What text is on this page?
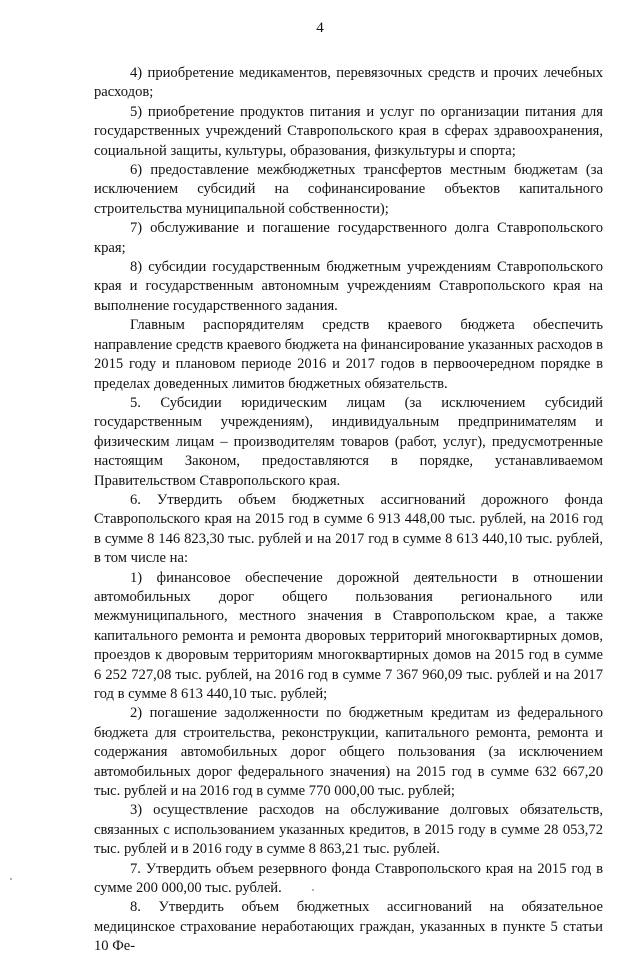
4

4) приобретение медикаментов, перевязочных средств и прочих лечебных расходов;

5) приобретение продуктов питания и услуг по организации питания для государственных учреждений Ставропольского края в сферах здравоохранения, социальной защиты, культуры, образования, физкультуры и спорта;

6) предоставление межбюджетных трансфертов местным бюджетам (за исключением субсидий на софинансирование объектов капитального строительства муниципальной собственности);

7) обслуживание и погашение государственного долга Ставропольского края;

8) субсидии государственным бюджетным учреждениям Ставропольского края и государственным автономным учреждениям Ставропольского края на выполнение государственного задания.

Главным распорядителям средств краевого бюджета обеспечить направление средств краевого бюджета на финансирование указанных расходов в 2015 году и плановом периоде 2016 и 2017 годов в первоочередном порядке в пределах доведенных лимитов бюджетных обязательств.

5. Субсидии юридическим лицам (за исключением субсидий государственным учреждениям), индивидуальным предпринимателям и физическим лицам – производителям товаров (работ, услуг), предусмотренные настоящим Законом, предоставляются в порядке, устанавливаемом Правительством Ставропольского края.

6. Утвердить объем бюджетных ассигнований дорожного фонда Ставропольского края на 2015 год в сумме 6 913 448,00 тыс. рублей, на 2016 год в сумме 8 146 823,30 тыс. рублей и на 2017 год в сумме 8 613 440,10 тыс. рублей, в том числе на:

1) финансовое обеспечение дорожной деятельности в отношении автомобильных дорог общего пользования регионального или межмуниципального, местного значения в Ставропольском крае, а также капитального ремонта и ремонта дворовых территорий многоквартирных домов, проездов к дворовым территориям многоквартирных домов на 2015 год в сумме 6 252 727,08 тыс. рублей, на 2016 год в сумме 7 367 960,09 тыс. рублей и на 2017 год в сумме 8 613 440,10 тыс. рублей;

2) погашение задолженности по бюджетным кредитам из федерального бюджета для строительства, реконструкции, капитального ремонта, ремонта и содержания автомобильных дорог общего пользования (за исключением автомобильных дорог федерального значения) на 2015 год в сумме 632 667,20 тыс. рублей и на 2016 год в сумме 770 000,00 тыс. рублей;

3) осуществление расходов на обслуживание долговых обязательств, связанных с использованием указанных кредитов, в 2015 году в сумме 28 053,72 тыс. рублей и в 2016 году в сумме 8 863,21 тыс. рублей.

7. Утвердить объем резервного фонда Ставропольского края на 2015 год в сумме 200 000,00 тыс. рублей.

8. Утвердить объем бюджетных ассигнований на обязательное медицинское страхование неработающих граждан, указанных в пункте 5 статьи 10 Фе-
